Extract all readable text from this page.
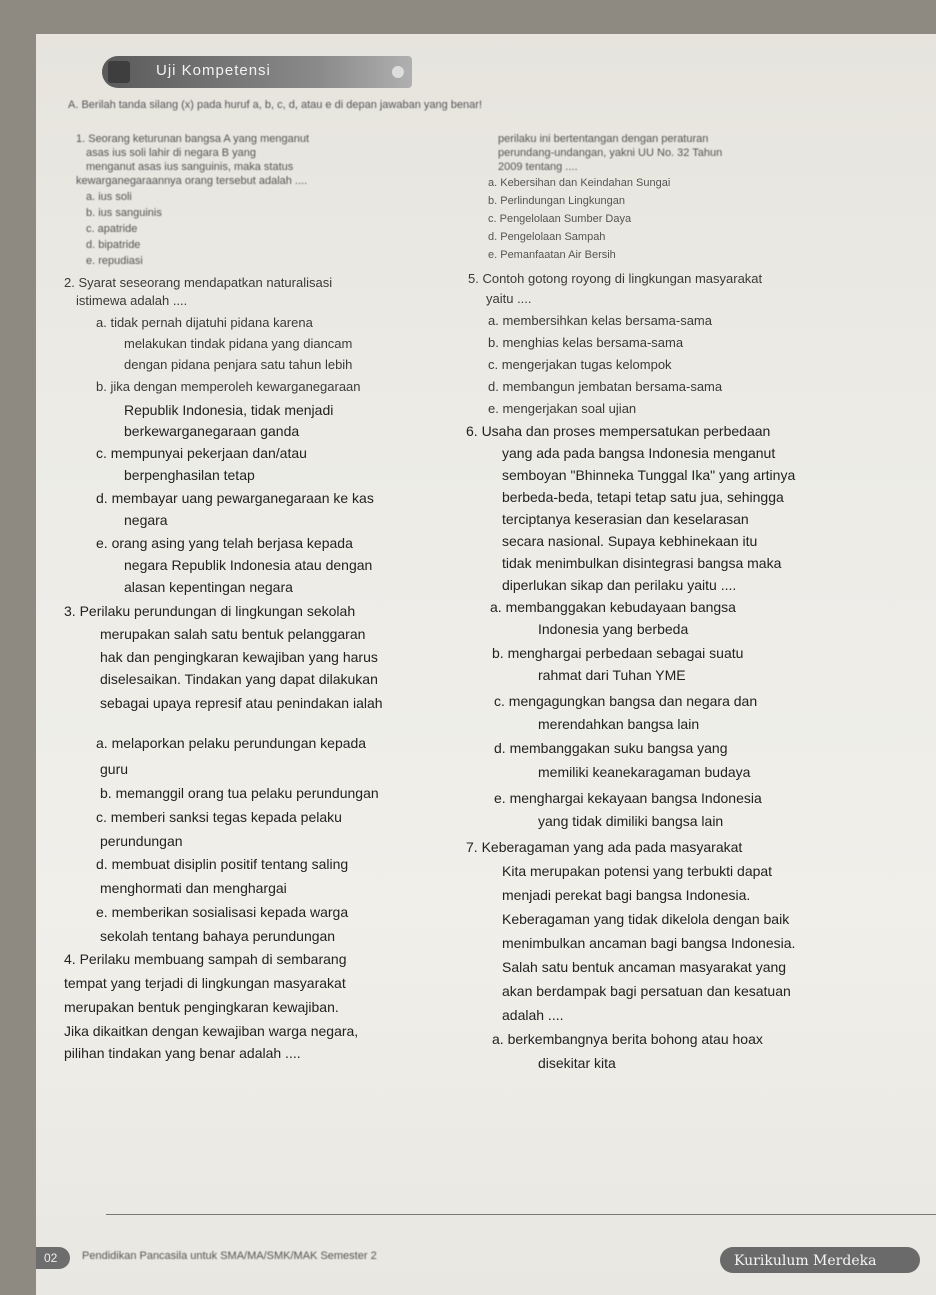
Uji Kompetensi
A. Berilah tanda silang (x) pada huruf a, b, c, d, atau e di depan jawaban yang benar!
1. Seorang keturunan bangsa A yang menganut
asas ius soli lahir di negara B yang
menganut asas ius sanguinis, maka status
kewarganegaraannya orang tersebut adalah ....
a. ius soli
b. ius sanguinis
c. apatride
d. bipatride
e. repudiasi
2. Syarat seseorang mendapatkan naturalisasi
istimewa adalah ....
a. tidak pernah dijatuhi pidana karena
melakukan tindak pidana yang diancam
dengan pidana penjara satu tahun lebih
b. jika dengan memperoleh kewarganegaraan
Republik Indonesia, tidak menjadi
berkewarganegaraan ganda
c. mempunyai pekerjaan dan/atau
berpenghasilan tetap
d. membayar uang pewarganegaraan ke kas
negara
e. orang asing yang telah berjasa kepada
negara Republik Indonesia atau dengan
alasan kepentingan negara
3. Perilaku perundungan di lingkungan sekolah
merupakan salah satu bentuk pelanggaran
hak dan pengingkaran kewajiban yang harus
diselesaikan. Tindakan yang dapat dilakukan
sebagai upaya represif atau penindakan ialah
a. melaporkan pelaku perundungan kepada
guru
b. memanggil orang tua pelaku perundungan
c. memberi sanksi tegas kepada pelaku
perundungan
d. membuat disiplin positif tentang saling
menghormati dan menghargai
e. memberikan sosialisasi kepada warga
sekolah tentang bahaya perundungan
4. Perilaku membuang sampah di sembarang
tempat yang terjadi di lingkungan masyarakat
merupakan bentuk pengingkaran kewajiban.
Jika dikaitkan dengan kewajiban warga negara,
pilihan tindakan yang benar adalah ....
perilaku ini bertentangan dengan peraturan
perundang-undangan, yakni UU No. 32 Tahun
2009 tentang ....
a. Kebersihan dan Keindahan Sungai
b. Perlindungan Lingkungan
c. Pengelolaan Sumber Daya
d. Pengelolaan Sampah
e. Pemanfaatan Air Bersih
5. Contoh gotong royong di lingkungan masyarakat
yaitu ....
a. membersihkan kelas bersama-sama
b. menghias kelas bersama-sama
c. mengerjakan tugas kelompok
d. membangun jembatan bersama-sama
e. mengerjakan soal ujian
6. Usaha dan proses mempersatukan perbedaan
yang ada pada bangsa Indonesia menganut
semboyan "Bhinneka Tunggal Ika" yang artinya
berbeda-beda, tetapi tetap satu jua, sehingga
terciptanya keserasian dan keselarasan
secara nasional. Supaya kebhinekaan itu
tidak menimbulkan disintegrasi bangsa maka
diperlukan sikap dan perilaku yaitu ....
a. membanggakan kebudayaan bangsa
Indonesia yang berbeda
b. menghargai perbedaan sebagai suatu
rahmat dari Tuhan YME
c. mengagungkan bangsa dan negara dan
merendahkan bangsa lain
d. membanggakan suku bangsa yang
memiliki keanekaragaman budaya
e. menghargai kekayaan bangsa Indonesia
yang tidak dimiliki bangsa lain
7. Keberagaman yang ada pada masyarakat
Kita merupakan potensi yang terbukti dapat
menjadi perekat bagi bangsa Indonesia.
Keberagaman yang tidak dikelola dengan baik
menimbulkan ancaman bagi bangsa Indonesia.
Salah satu bentuk ancaman masyarakat yang
akan berdampak bagi persatuan dan kesatuan
adalah ....
a. berkembangnya berita bohong atau hoax
disekitar kita
02 Pendidikan Pancasila untuk SMA/MA/SMK/MAK Semester 2	Kurikulum Merdeka
